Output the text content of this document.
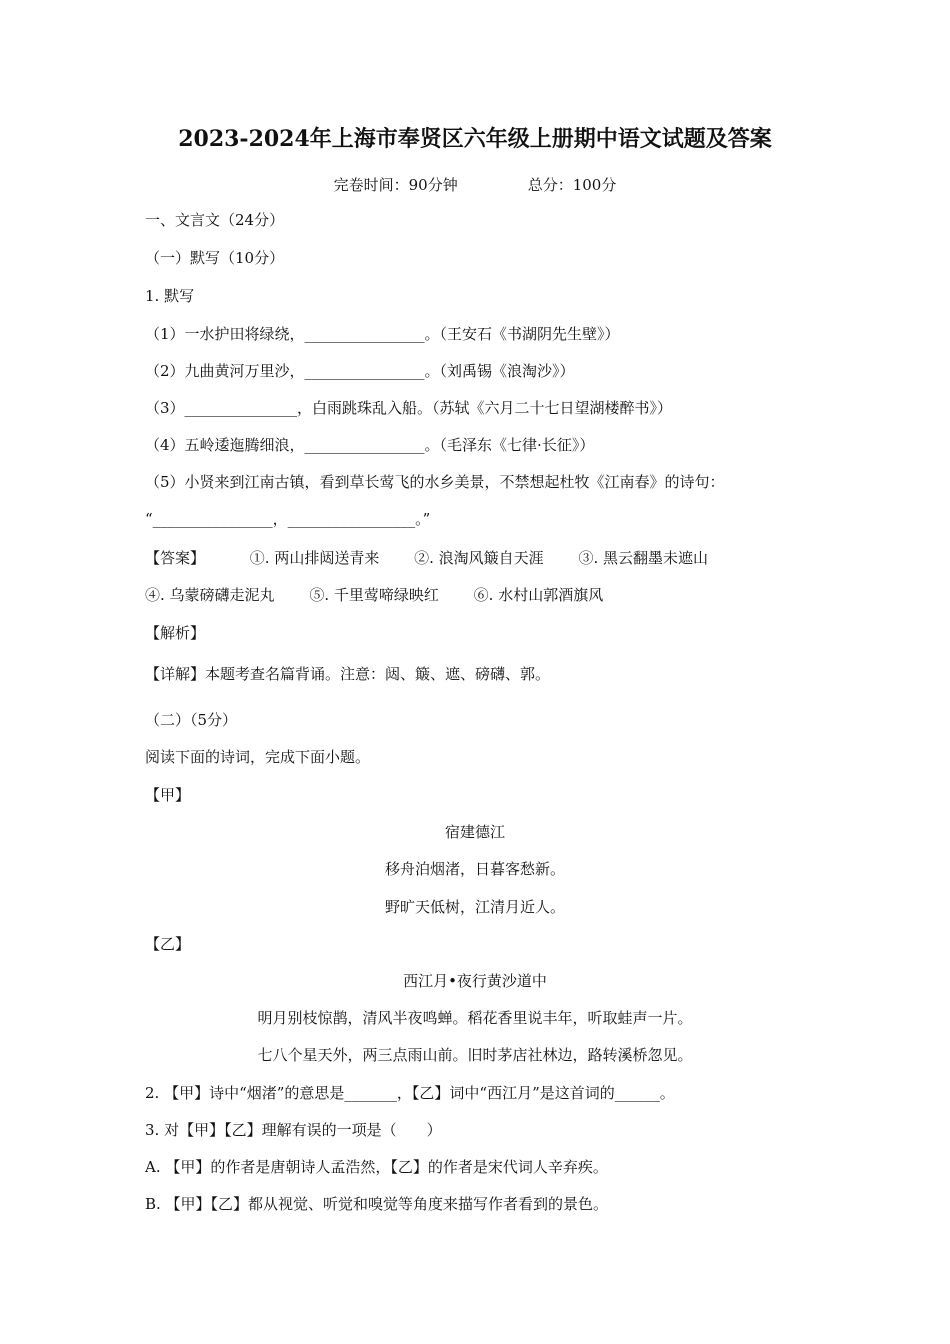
2023-2024年上海市奉贤区六年级上册期中语文试题及答案
完卷时间：90分钟	总分：100分
一、文言文（24分）
（一）默写（10分）
1. 默写
（1）一水护田将绿绕，________________。（王安石《书湖阴先生壁》）
（2）九曲黄河万里沙，________________。（刘禹锡《浪淘沙》）
（3）_______________，白雨跳珠乱入船。（苏轼《六月二十七日望湖楼醉书》）
（4）五岭逶迤腾细浪，________________。（毛泽东《七律·长征》）
（5）小贤来到江南古镇，看到草长莺飞的水乡美景，不禁想起杜牧《江南春》的诗句：
“________________，_________________。”
【答案】	①. 两山排闼送青来 ②. 浪淘风簸自天涯 ③. 黑云翻墨未遮山
④. 乌蒙磅礴走泥丸 ⑤. 千里莺啼绿映红 ⑥. 水村山郭酒旗风
【解析】
【详解】本题考查名篇背诵。注意：闼、簸、遮、磅礴、郭。
（二）（5分）
阅读下面的诗词，完成下面小题。
【甲】
宿建德江
移舟泊烟渚，日暮客愁新。
野旷天低树，江清月近人。
【乙】
西江月•夜行黄沙道中
明月别枝惊鹊，清风半夜鸣蝉。稻花香里说丰年，听取蛙声一片。
七八个星天外，两三点雨山前。旧时茅店社林边，路转溪桥忽见。
2. 【甲】诗中“烟渚”的意思是_______，【乙】词中“西江月”是这首词的______。
3. 对【甲】【乙】理解有误的一项是（　　）
A. 【甲】的作者是唐朝诗人孟浩然，【乙】的作者是宋代词人辛弃疾。
B. 【甲】【乙】都从视觉、听觉和嗅觉等角度来描写作者看到的景色。
